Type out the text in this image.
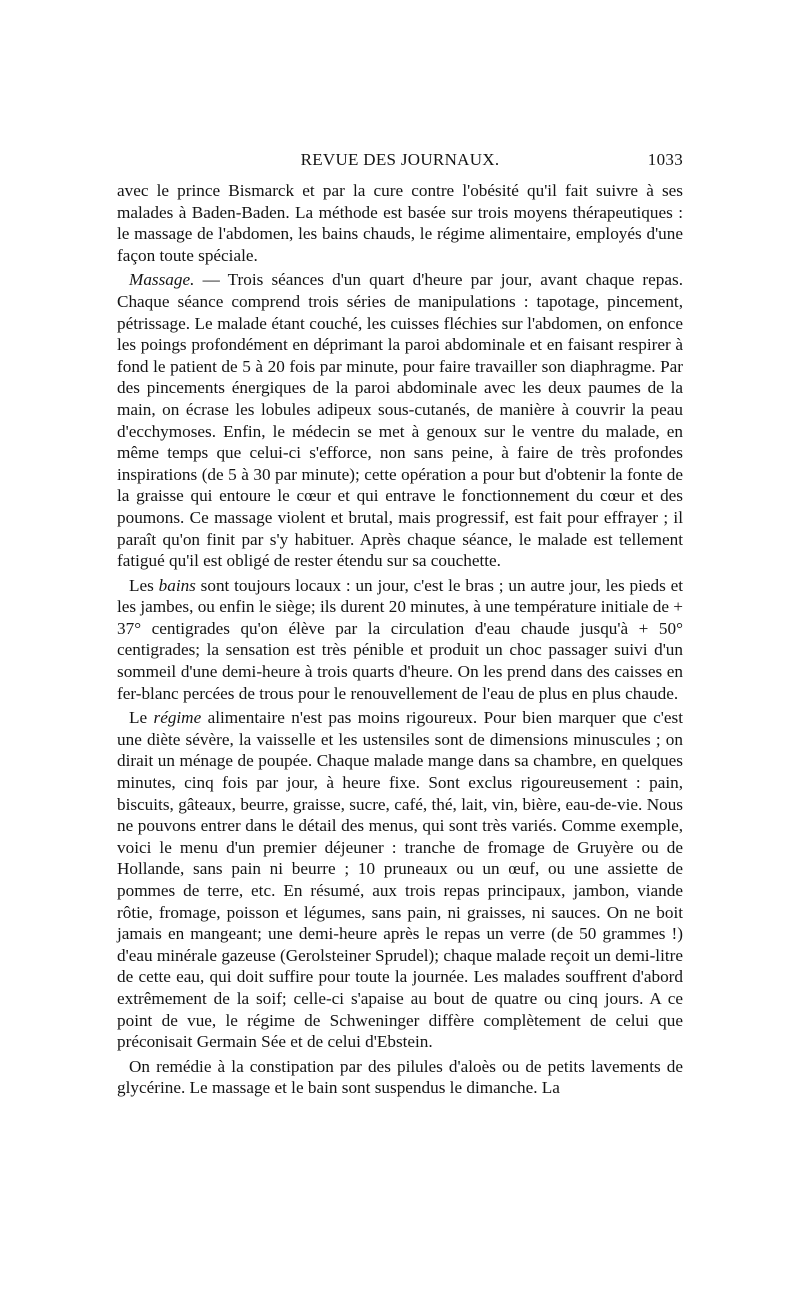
REVUE DES JOURNAUX.	1033

avec le prince Bismarck et par la cure contre l'obésité qu'il fait suivre à ses malades à Baden-Baden. La méthode est basée sur trois moyens thérapeutiques : le massage de l'abdomen, les bains chauds, le régime alimentaire, employés d'une façon toute spéciale.

Massage. — Trois séances d'un quart d'heure par jour, avant chaque repas. Chaque séance comprend trois séries de manipulations : tapotage, pincement, pétrissage. Le malade étant couché, les cuisses fléchies sur l'abdomen, on enfonce les poings profondément en déprimant la paroi abdominale et en faisant respirer à fond le patient de 5 à 20 fois par minute, pour faire travailler son diaphragme. Par des pincements énergiques de la paroi abdominale avec les deux paumes de la main, on écrase les lobules adipeux sous-cutanés, de manière à couvrir la peau d'ecchymoses. Enfin, le médecin se met à genoux sur le ventre du malade, en même temps que celui-ci s'efforce, non sans peine, à faire de très profondes inspirations (de 5 à 30 par minute); cette opération a pour but d'obtenir la fonte de la graisse qui entoure le cœur et qui entrave le fonctionnement du cœur et des poumons. Ce massage violent et brutal, mais progressif, est fait pour effrayer ; il paraît qu'on finit par s'y habituer. Après chaque séance, le malade est tellement fatigué qu'il est obligé de rester étendu sur sa couchette.

Les bains sont toujours locaux : un jour, c'est le bras ; un autre jour, les pieds et les jambes, ou enfin le siège; ils durent 20 minutes, à une température initiale de + 37° centigrades qu'on élève par la circulation d'eau chaude jusqu'à + 50° centigrades; la sensation est très pénible et produit un choc passager suivi d'un sommeil d'une demi-heure à trois quarts d'heure. On les prend dans des caisses en fer-blanc percées de trous pour le renouvellement de l'eau de plus en plus chaude.

Le régime alimentaire n'est pas moins rigoureux. Pour bien marquer que c'est une diète sévère, la vaisselle et les ustensiles sont de dimensions minuscules ; on dirait un ménage de poupée. Chaque malade mange dans sa chambre, en quelques minutes, cinq fois par jour, à heure fixe. Sont exclus rigoureusement : pain, biscuits, gâteaux, beurre, graisse, sucre, café, thé, lait, vin, bière, eau-de-vie. Nous ne pouvons entrer dans le détail des menus, qui sont très variés. Comme exemple, voici le menu d'un premier déjeuner : tranche de fromage de Gruyère ou de Hollande, sans pain ni beurre ; 10 pruneaux ou un œuf, ou une assiette de pommes de terre, etc. En résumé, aux trois repas principaux, jambon, viande rôtie, fromage, poisson et légumes, sans pain, ni graisses, ni sauces. On ne boit jamais en mangeant; une demi-heure après le repas un verre (de 50 grammes !) d'eau minérale gazeuse (Gerolsteiner Sprudel); chaque malade reçoit un demi-litre de cette eau, qui doit suffire pour toute la journée. Les malades souffrent d'abord extrêmement de la soif; celle-ci s'apaise au bout de quatre ou cinq jours. A ce point de vue, le régime de Schweninger diffère complètement de celui que préconisait Germain Sée et de celui d'Ebstein.

On remédie à la constipation par des pilules d'aloès ou de petits lavements de glycérine. Le massage et le bain sont suspendus le dimanche. La
